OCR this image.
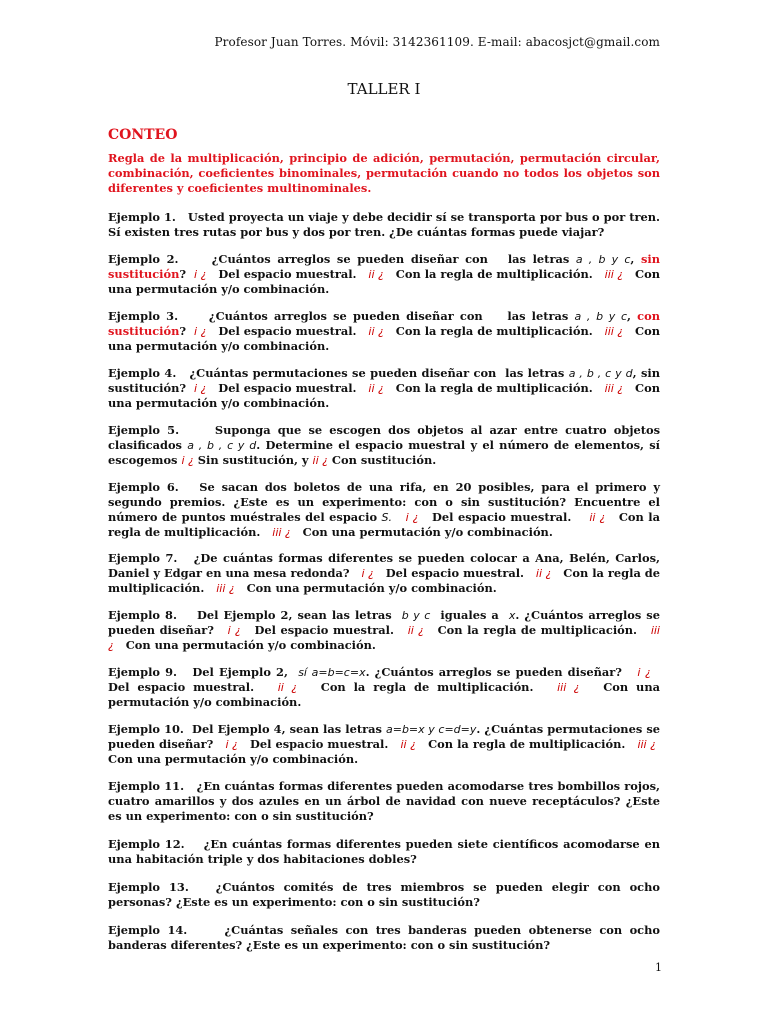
Profesor Juan Torres. Móvil: 3142361109. E-mail: abacosjct@gmail.com
TALLER I
CONTEO
Regla de la multiplicación, principio de adición, permutación, permutación circular, combinación, coeficientes binominales, permutación cuando no todos los objetos son diferentes y coeficientes multinominales.
Ejemplo 1.   Usted proyecta un viaje y debe decidir sí se transporta por bus o por tren. Sí existen tres rutas por bus y dos por tren. ¿De cuántas formas puede viajar?
Ejemplo 2.     ¿Cuántos arreglos se pueden diseñar con   las letras a , b y c, sin sustitución?  i ¿   Del espacio muestral.   ii ¿   Con la regla de multiplicación.   iii ¿   Con una permutación y/o combinación.
Ejemplo 3.     ¿Cuántos arreglos se pueden diseñar con    las letras a , b y c, con sustitución?  i ¿   Del espacio muestral.   ii ¿   Con la regla de multiplicación.   iii ¿   Con una permutación y/o combinación.
Ejemplo 4.   ¿Cuántas permutaciones se pueden diseñar con  las letras a , b , c y d, sin sustitución?  i ¿   Del espacio muestral.   ii ¿   Con la regla de multiplicación.   iii ¿   Con una permutación y/o combinación.
Ejemplo 5.     Suponga que se escogen dos objetos al azar entre cuatro objetos clasificados a , b , c y d. Determine el espacio muestral y el número de elementos, sí escogemos i ¿ Sin sustitución, y ii ¿ Con sustitución.
Ejemplo 6.   Se sacan dos boletos de una rifa, en 20 posibles, para el primero y segundo premios. ¿Este es un experimento: con o sin sustitución? Encuentre el número de puntos muéstrales del espacio S. i ¿   Del espacio muestral.    ii ¿   Con la regla de multiplicación.   iii ¿   Con una permutación y/o combinación.
Ejemplo 7.   ¿De cuántas formas diferentes se pueden colocar a Ana, Belén, Carlos, Daniel y Edgar en una mesa redonda?   i ¿   Del espacio muestral.   ii ¿   Con la regla de multiplicación.   iii ¿   Con una permutación y/o combinación.
Ejemplo 8.    Del Ejemplo 2, sean las letras  b y c  iguales a  x. ¿Cuántos arreglos se pueden diseñar?   i ¿   Del espacio muestral.   ii ¿   Con la regla de multiplicación.   iii ¿   Con una permutación y/o combinación.
Ejemplo 9.   Del Ejemplo 2,  sí a=b=c=x. ¿Cuántos arreglos se pueden diseñar?   i ¿   Del espacio muestral.   ii ¿   Con la regla de multiplicación.   iii ¿   Con una permutación y/o combinación.
Ejemplo 10.  Del Ejemplo 4, sean las letras a=b=x y c=d=y. ¿Cuántas permutaciones se pueden diseñar?   i ¿   Del espacio muestral.   ii ¿   Con la regla de multiplicación.   iii ¿  Con una permutación y/o combinación.
Ejemplo 11.   ¿En cuántas formas diferentes pueden acomodarse tres bombillos rojos, cuatro amarillos y dos azules en un árbol de navidad con nueve receptáculos? ¿Este es un experimento: con o sin sustitución?
Ejemplo 12.    ¿En cuántas formas diferentes pueden siete científicos acomodarse en una habitación triple y dos habitaciones dobles?
Ejemplo 13.   ¿Cuántos comités de tres miembros se pueden elegir con ocho personas? ¿Este es un experimento: con o sin sustitución?
Ejemplo 14.     ¿Cuántas señales con tres banderas pueden obtenerse con ocho banderas diferentes? ¿Este es un experimento: con o sin sustitución?
1
